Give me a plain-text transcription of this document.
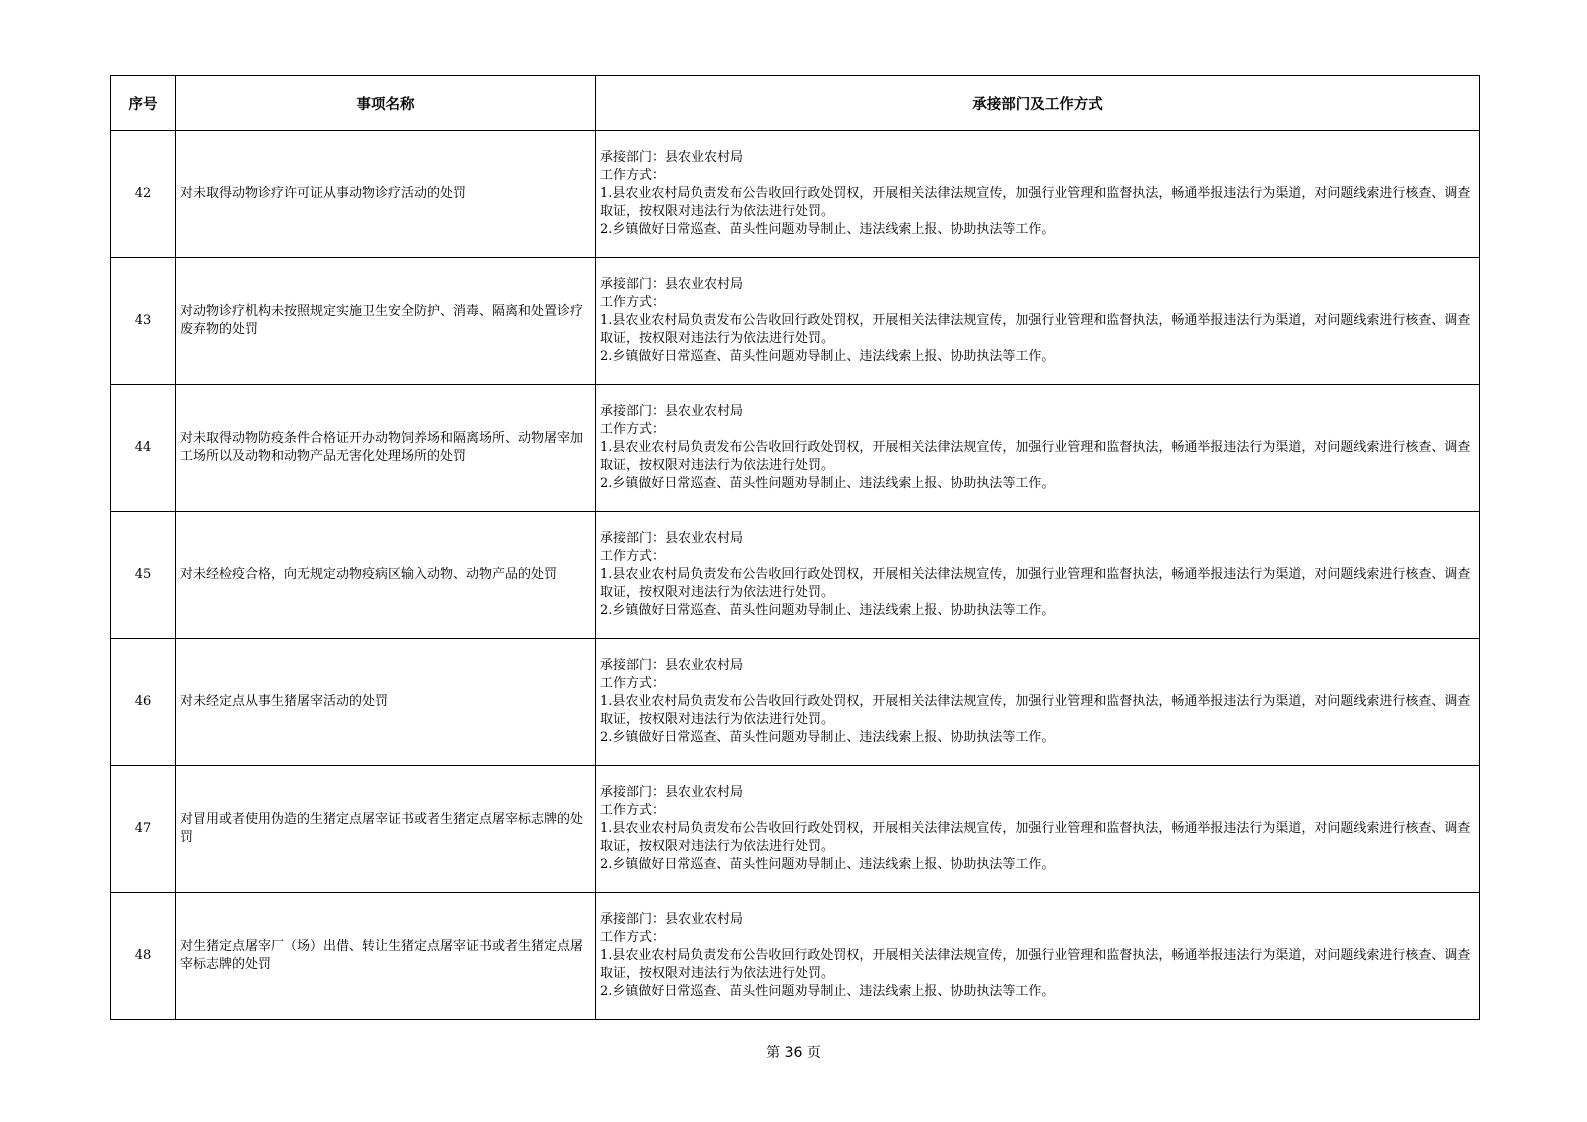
序号	事项名称	承接部门及工作方式
42	对未取得动物诊疗许可证从事动物诊疗活动的处罚	承接部门：县农业农村局
工作方式：
1.县农业农村局负责发布公告收回行政处罚权，开展相关法律法规宣传，加强行业管理和监督执法，畅通举报违法行为渠道，对问题线索进行核查、调查取证，按权限对违法行为依法进行处罚。
2.乡镇做好日常巡查、苗头性问题劝导制止、违法线索上报、协助执法等工作。

43	对动物诊疗机构未按照规定实施卫生安全防护、消毒、隔离和处置诊疗废弃物的处罚	承接部门：县农业农村局
工作方式：
1.县农业农村局负责发布公告收回行政处罚权，开展相关法律法规宣传，加强行业管理和监督执法，畅通举报违法行为渠道，对问题线索进行核查、调查取证，按权限对违法行为依法进行处罚。
2.乡镇做好日常巡查、苗头性问题劝导制止、违法线索上报、协助执法等工作。

44	对未取得动物防疫条件合格证开办动物饲养场和隔离场所、动物屠宰加工场所以及动物和动物产品无害化处理场所的处罚	承接部门：县农业农村局
工作方式：
1.县农业农村局负责发布公告收回行政处罚权，开展相关法律法规宣传，加强行业管理和监督执法，畅通举报违法行为渠道，对问题线索进行核查、调查取证，按权限对违法行为依法进行处罚。
2.乡镇做好日常巡查、苗头性问题劝导制止、违法线索上报、协助执法等工作。

45	对未经检疫合格，向无规定动物疫病区输入动物、动物产品的处罚	承接部门：县农业农村局
工作方式：
1.县农业农村局负责发布公告收回行政处罚权，开展相关法律法规宣传，加强行业管理和监督执法，畅通举报违法行为渠道，对问题线索进行核查、调查取证，按权限对违法行为依法进行处罚。
2.乡镇做好日常巡查、苗头性问题劝导制止、违法线索上报、协助执法等工作。

46	对未经定点从事生猪屠宰活动的处罚	承接部门：县农业农村局
工作方式：
1.县农业农村局负责发布公告收回行政处罚权，开展相关法律法规宣传，加强行业管理和监督执法，畅通举报违法行为渠道，对问题线索进行核查、调查取证，按权限对违法行为依法进行处罚。
2.乡镇做好日常巡查、苗头性问题劝导制止、违法线索上报、协助执法等工作。

47	对冒用或者使用伪造的生猪定点屠宰证书或者生猪定点屠宰标志牌的处罚	承接部门：县农业农村局
工作方式：
1.县农业农村局负责发布公告收回行政处罚权，开展相关法律法规宣传，加强行业管理和监督执法，畅通举报违法行为渠道，对问题线索进行核查、调查取证，按权限对违法行为依法进行处罚。
2.乡镇做好日常巡查、苗头性问题劝导制止、违法线索上报、协助执法等工作。

48	对生猪定点屠宰厂（场）出借、转让生猪定点屠宰证书或者生猪定点屠宰标志牌的处罚	承接部门：县农业农村局
工作方式：
1.县农业农村局负责发布公告收回行政处罚权，开展相关法律法规宣传，加强行业管理和监督执法，畅通举报违法行为渠道，对问题线索进行核查、调查取证，按权限对违法行为依法进行处罚。
2.乡镇做好日常巡查、苗头性问题劝导制止、违法线索上报、协助执法等工作。
第 36 页
